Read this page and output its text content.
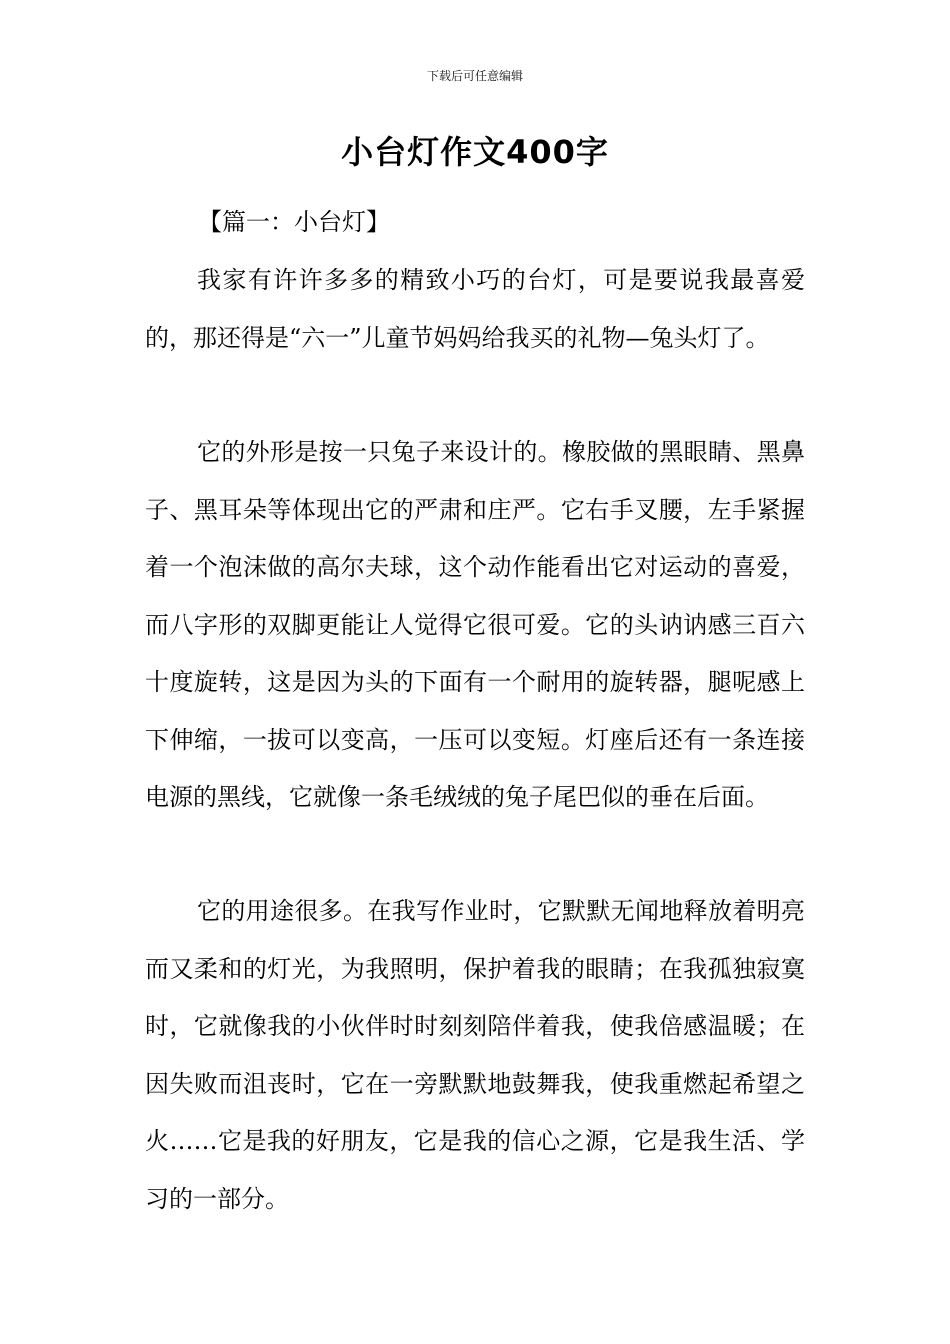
下载后可任意编辑
小台灯作文400字
【篇一：小台灯】

我家有许许多多的精致小巧的台灯，可是要说我最喜爱的，那还得是“六一”儿童节妈妈给我买的礼物—兔头灯了。

它的外形是按一只兔子来设计的。橡胶做的黑眼睛、黑鼻子、黑耳朵等体现出它的严肃和庄严。它右手叉腰，左手紧握着一个泡沫做的高尔夫球，这个动作能看出它对运动的喜爱，而八字形的双脚更能让人觉得它很可爱。它的头讷讷感三百六十度旋转，这是因为头的下面有一个耐用的旋转器，腿呢感上下伸缩，一拔可以变高，一压可以变短。灯座后还有一条连接电源的黑线，它就像一条毛绒绒的兔子尾巴似的垂在后面。

它的用途很多。在我写作业时，它默默无闻地释放着明亮而又柔和的灯光，为我照明，保护着我的眼睛；在我孤独寂寞时，它就像我的小伙伴时时刻刻陪伴着我，使我倍感温暖；在因失败而沮丧时，它在一旁默默地鼓舞我，使我重燃起希望之火……它是我的好朋友，它是我的信心之源，它是我生活、学习的一部分。
